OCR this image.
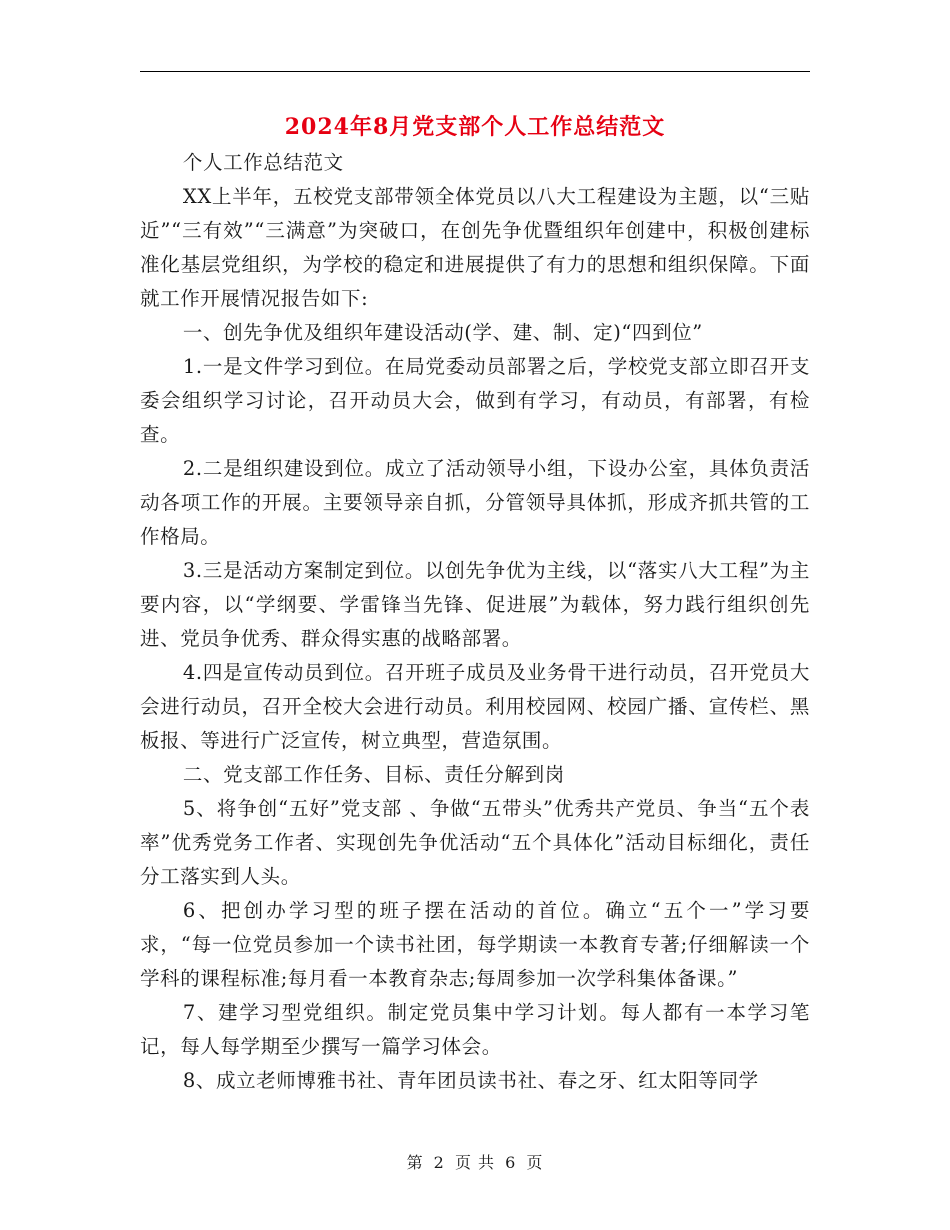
2024年8月党支部个人工作总结范文

个人工作总结范文

XX上半年，五校党支部带领全体党员以八大工程建设为主题，以“三贴近”“三有效”“三满意”为突破口，在创先争优暨组织年创建中，积极创建标准化基层党组织，为学校的稳定和进展提供了有力的思想和组织保障。下面就工作开展情况报告如下:

一、创先争优及组织年建设活动(学、建、制、定)“四到位”

1.一是文件学习到位。在局党委动员部署之后，学校党支部立即召开支委会组织学习讨论，召开动员大会，做到有学习，有动员，有部署，有检查。

2.二是组织建设到位。成立了活动领导小组，下设办公室，具体负责活动各项工作的开展。主要领导亲自抓，分管领导具体抓，形成齐抓共管的工作格局。

3.三是活动方案制定到位。以创先争优为主线，以“落实八大工程”为主要内容，以“学纲要、学雷锋当先锋、促进展”为载体，努力践行组织创先进、党员争优秀、群众得实惠的战略部署。

4.四是宣传动员到位。召开班子成员及业务骨干进行动员，召开党员大会进行动员，召开全校大会进行动员。利用校园网、校园广播、宣传栏、黑板报、等进行广泛宣传，树立典型，营造氛围。

二、党支部工作任务、目标、责任分解到岗

5、将争创“五好”党支部 、争做“五带头”优秀共产党员、争当“五个表率”优秀党务工作者、实现创先争优活动“五个具体化”活动目标细化，责任分工落实到人头。

6、把创办学习型的班子摆在活动的首位。确立“五个一”学习要求，“每一位党员参加一个读书社团，每学期读一本教育专著;仔细解读一个学科的课程标准;每月看一本教育杂志;每周参加一次学科集体备课。”

7、建学习型党组织。制定党员集中学习计划。每人都有一本学习笔记，每人每学期至少撰写一篇学习体会。

8、成立老师博雅书社、青年团员读书社、春之牙、红太阳等同学

第 2 页 共 6 页
